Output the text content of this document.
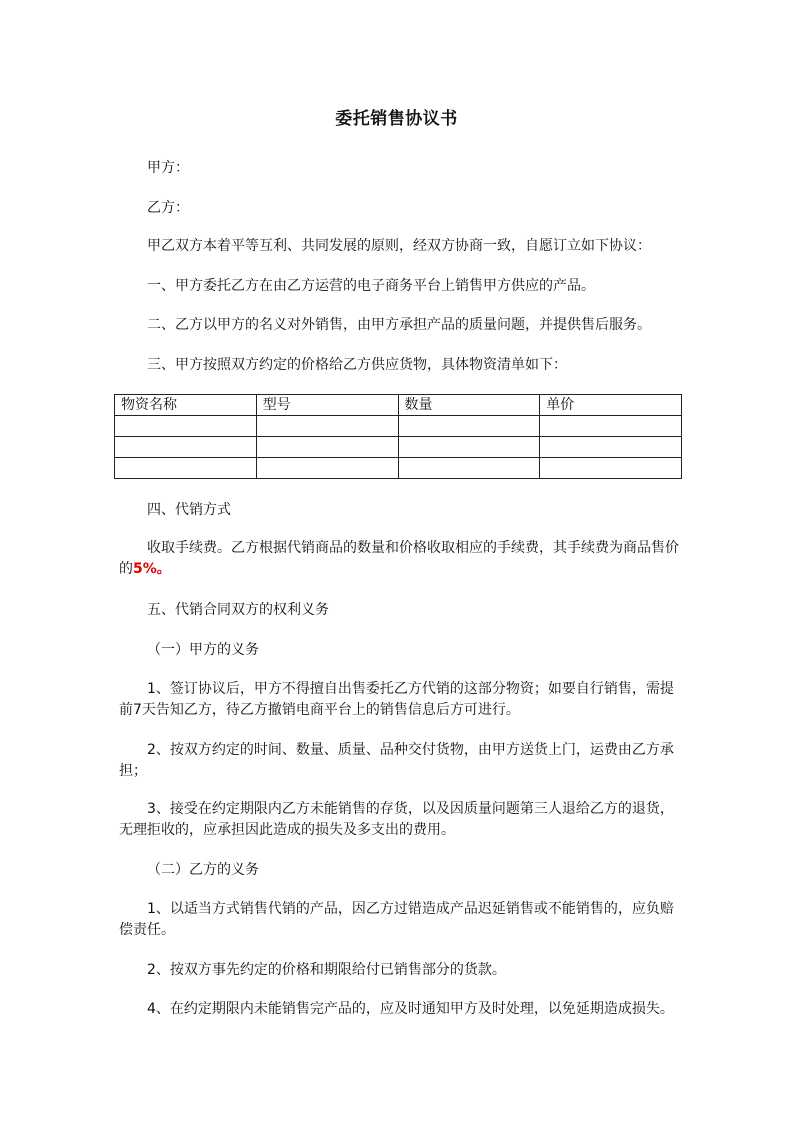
委托销售协议书
甲方：
乙方：
甲乙双方本着平等互利、共同发展的原则，经双方协商一致，自愿订立如下协议：
一、甲方委托乙方在由乙方运营的电子商务平台上销售甲方供应的产品。
二、乙方以甲方的名义对外销售，由甲方承担产品的质量问题，并提供售后服务。
三、甲方按照双方约定的价格给乙方供应货物，具体物资清单如下：
物资名称	型号	数量	单价

四、代销方式
收取手续费。乙方根据代销商品的数量和价格收取相应的手续费，其手续费为商品售价的5%。
五、代销合同双方的权利义务
（一）甲方的义务
1、签订协议后，甲方不得擅自出售委托乙方代销的这部分物资；如要自行销售，需提前7天告知乙方，待乙方撤销电商平台上的销售信息后方可进行。
2、按双方约定的时间、数量、质量、品种交付货物，由甲方送货上门，运费由乙方承担；
3、接受在约定期限内乙方未能销售的存货，以及因质量问题第三人退给乙方的退货，无理拒收的，应承担因此造成的损失及多支出的费用。
（二）乙方的义务
1、以适当方式销售代销的产品，因乙方过错造成产品迟延销售或不能销售的，应负赔偿责任。
2、按双方事先约定的价格和期限给付已销售部分的货款。
4、在约定期限内未能销售完产品的，应及时通知甲方及时处理，以免延期造成损失。
